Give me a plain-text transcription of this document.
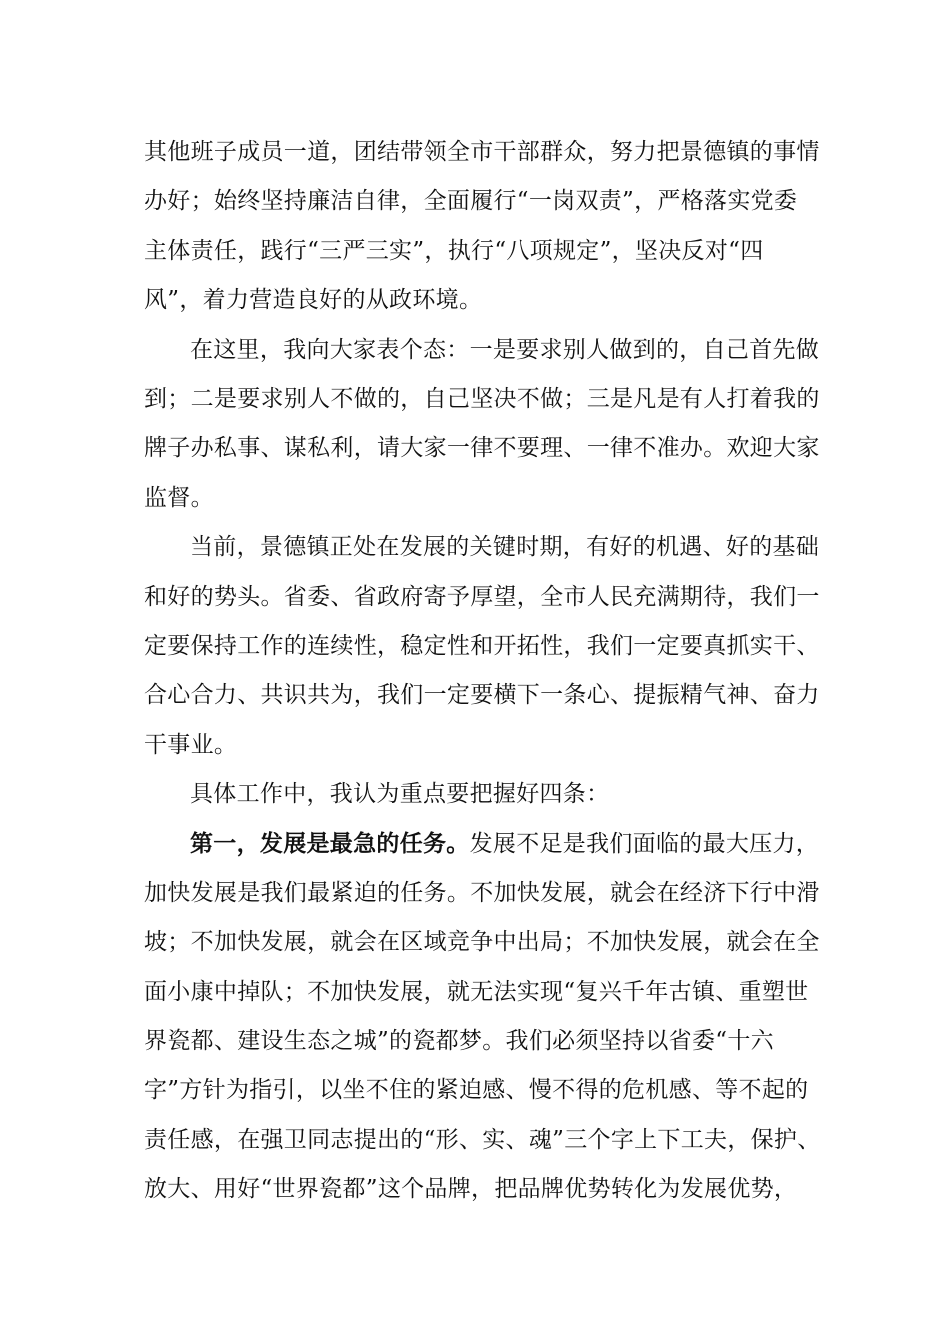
其他班子成员一道，团结带领全市干部群众，努力把景德镇的事情
办好；始终坚持廉洁自律，全面履行“一岗双责”，严格落实党委
主体责任，践行“三严三实”，执行“八项规定”，坚决反对“四
风”，着力营造良好的从政环境。
在这里，我向大家表个态：一是要求别人做到的，自己首先做
到；二是要求别人不做的，自己坚决不做；三是凡是有人打着我的
牌子办私事、谋私利，请大家一律不要理、一律不准办。欢迎大家
监督。
当前，景德镇正处在发展的关键时期，有好的机遇、好的基础
和好的势头。省委、省政府寄予厚望，全市人民充满期待，我们一
定要保持工作的连续性，稳定性和开拓性，我们一定要真抓实干、
合心合力、共识共为，我们一定要横下一条心、提振精气神、奋力
干事业。
具体工作中，我认为重点要把握好四条：
第一，发展是最急的任务。发展不足是我们面临的最大压力，
加快发展是我们最紧迫的任务。不加快发展，就会在经济下行中滑
坡；不加快发展，就会在区域竞争中出局；不加快发展，就会在全
面小康中掉队；不加快发展，就无法实现“复兴千年古镇、重塑世
界瓷都、建设生态之城”的瓷都梦。我们必须坚持以省委“十六
字”方针为指引，以坐不住的紧迫感、慢不得的危机感、等不起的
责任感，在强卫同志提出的“形、实、魂”三个字上下工夫，保护、
放大、用好“世界瓷都”这个品牌，把品牌优势转化为发展优势，
